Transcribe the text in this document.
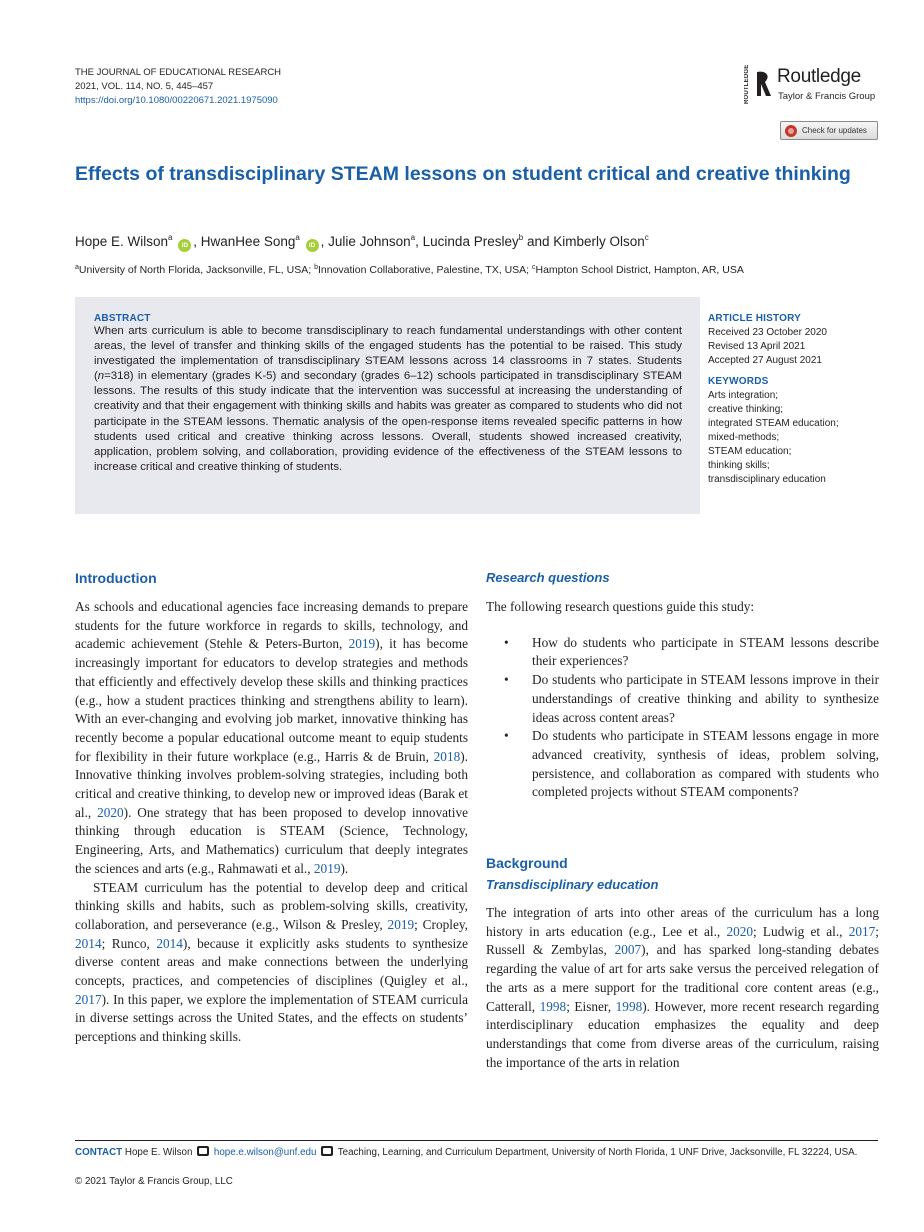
THE JOURNAL OF EDUCATIONAL RESEARCH
2021, VOL. 114, NO. 5, 445–457
https://doi.org/10.1080/00220671.2021.1975090	ROUTLEDGE Routledge
Taylor & Francis Group
Check for updates
Effects of transdisciplinary STEAM lessons on student critical and creative thinking
Hope E. Wilson$^a$ iD , HwanHee Song$^a$ iD , Julie Johnson$^a$, Lucinda Presley$^b$ and Kimberly Olson$^c$
$^a$University of North Florida, Jacksonville, FL, USA; $^b$Innovation Collaborative, Palestine, TX, USA; $^c$Hampton School District, Hampton, AR, USA
ABSTRACT
When arts curriculum is able to become transdisciplinary to reach fundamental understandings with other content areas, the level of transfer and thinking skills of the engaged students has the potential to be raised. This study investigated the implementation of transdisciplinary STEAM lessons across 14 classrooms in 7 states. Students (n=318) in elementary (grades K-5) and secondary (grades 6–12) schools participated in transdisciplinary STEAM lessons. The results of this study indicate that the intervention was successful at increasing the understanding of creativity and that their engagement with thinking skills and habits was greater as compared to students who did not participate in the STEAM lessons. Thematic analysis of the open-response items revealed specific patterns in how students used critical and creative thinking across lessons. Overall, students showed increased creativity, application, problem solving, and collaboration, providing evidence of the effectiveness of the STEAM lessons to increase critical and creative thinking of students.
ARTICLE HISTORY
Received 23 October 2020
Revised 13 April 2021
Accepted 27 August 2021
KEYWORDS
Arts integration;
creative thinking;
integrated STEAM education;
mixed-methods;
STEAM education;
thinking skills;
transdisciplinary education
Introduction

As schools and educational agencies face increasing demands to prepare students for the future workforce in regards to skills, technology, and academic achievement (Stehle & Peters-Burton, 2019), it has become increasingly important for educators to develop strategies and methods that efficiently and effectively develop these skills and thinking practices (e.g., how a student practices thinking and strengthens ability to learn). With an ever-changing and evolving job market, innovative thinking has recently become a popular educational outcome meant to equip students for flexibility in their future workplace (e.g., Harris & de Bruin, 2018). Innovative thinking involves problem-solving strategies, including both critical and creative thinking, to develop new or improved ideas (Barak et al., 2020). One strategy that has been proposed to develop innovative thinking through education is STEAM (Science, Technology, Engineering, Arts, and Mathematics) curriculum that deeply integrates the sciences and arts (e.g., Rahmawati et al., 2019).

STEAM curriculum has the potential to develop deep and critical thinking skills and habits, such as problem-solving skills, creativity, collaboration, and perseverance (e.g., Wilson & Presley, 2019; Cropley, 2014; Runco, 2014), because it explicitly asks students to synthesize diverse content areas and make connections between the underlying concepts, practices, and competencies of disciplines (Quigley et al., 2017). In this paper, we explore the implementation of STEAM curricula in diverse settings across the United States, and the effects on students’ perceptions and thinking skills.

Research questions

The following research questions guide this study:

• How do students who participate in STEAM lessons describe their experiences?
• Do students who participate in STEAM lessons improve in their understandings of creative thinking and ability to synthesize ideas across content areas?
• Do students who participate in STEAM lessons engage in more advanced creativity, synthesis of ideas, problem solving, persistence, and collaboration as compared with students who completed projects without STEAM components?
Background
Transdisciplinary education

The integration of arts into other areas of the curriculum has a long history in arts education (e.g., Lee et al., 2020; Ludwig et al., 2017; Russell & Zembylas, 2007), and has sparked long-standing debates regarding the value of art for arts sake versus the perceived relegation of the arts as a mere support for the traditional core content areas (e.g., Catterall, 1998; Eisner, 1998). However, more recent research regarding interdisciplinary education emphasizes the equality and deep understandings that come from diverse areas of the curriculum, raising the importance of the arts in relation

CONTACT Hope E. Wilson hope.e.wilson@unf.edu Teaching, Learning, and Curriculum Department, University of North Florida, 1 UNF Drive, Jacksonville, FL 32224, USA.
© 2021 Taylor & Francis Group, LLC
